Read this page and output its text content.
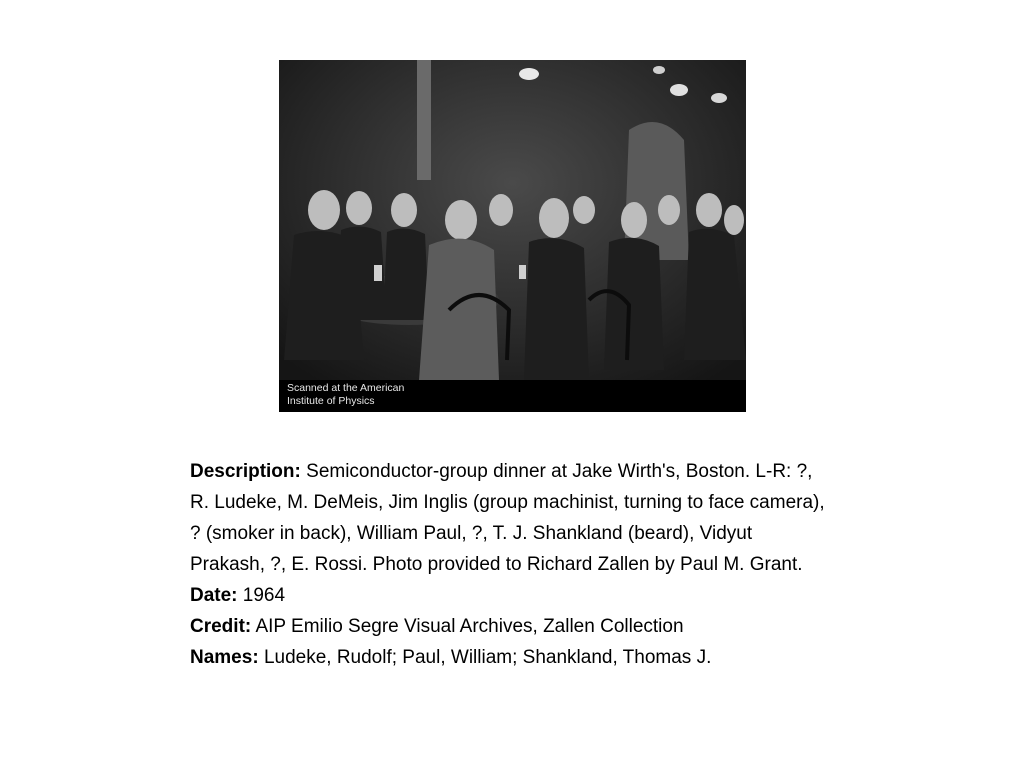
Scanned at the American
Institute of Physics

Description: Semiconductor-group dinner at Jake Wirth's, Boston. L-R: ?, R. Ludeke, M. DeMeis, Jim Inglis (group machinist, turning to face camera), ? (smoker in back), William Paul, ?, T. J. Shankland (beard), Vidyut Prakash, ?, E. Rossi. Photo provided to Richard Zallen by Paul M. Grant.

Date: 1964

Credit: AIP Emilio Segre Visual Archives, Zallen Collection

Names: Ludeke, Rudolf; Paul, William; Shankland, Thomas J.
